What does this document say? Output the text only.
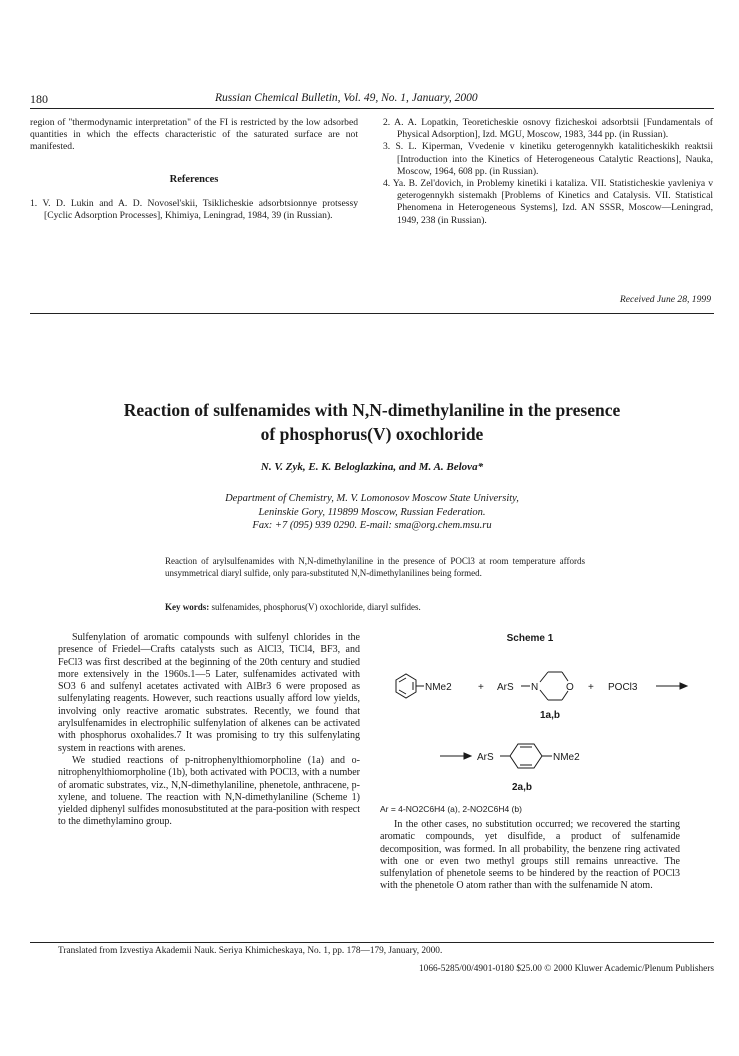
180	Russian Chemical Bulletin, Vol. 49, No. 1, January, 2000

region of "thermodynamic interpretation" of the FI is restricted by the low adsorbed quantities in which the effects characteristic of the saturated surface are not manifested.

References

1. V. D. Lukin and A. D. Novosel'skii, Tsiklicheskie adsorbtsionnye protsessy [Cyclic Adsorption Processes], Khimiya, Leningrad, 1984, 39 (in Russian).

2. A. A. Lopatkin, Teoreticheskie osnovy fizicheskoi adsorbtsii [Fundamentals of Physical Adsorption], Izd. MGU, Moscow, 1983, 344 pp. (in Russian).

3. S. L. Kiperman, Vvedenie v kinetiku geterogennykh kataliticheskikh reaktsii [Introduction into the Kinetics of Heterogeneous Catalytic Reactions], Nauka, Moscow, 1964, 608 pp. (in Russian).

4. Ya. B. Zel'dovich, in Problemy kinetiki i kataliza. VII. Statisticheskie yavleniya v geterogennykh sistemakh [Problems of Kinetics and Catalysis. VII. Statistical Phenomena in Heterogeneous Systems], Izd. AN SSSR, Moscow—Leningrad, 1949, 238 (in Russian).

Received June 28, 1999
Reaction of sulfenamides with N,N-dimethylaniline in the presence
of phosphorus(V) oxochloride
N. V. Zyk, E. K. Beloglazkina, and M. A. Belova*
Department of Chemistry, M. V. Lomonosov Moscow State University,
Leninskie Gory, 119899 Moscow, Russian Federation.
Fax: +7 (095) 939 0290. E-mail: sma@org.chem.msu.ru
Reaction of arylsulfenamides with N,N-dimethylaniline in the presence of POCl3 at room temperature affords unsymmetrical diaryl sulfide, only para-substituted N,N-dimethylanilines being formed.
Key words: sulfenamides, phosphorus(V) oxochloride, diaryl sulfides.

Sulfenylation of aromatic compounds with sulfenyl chlorides in the presence of Friedel—Crafts catalysts such as AlCl3, TiCl4, BF3, and FeCl3 was first described at the beginning of the 20th century and studied more extensively in the 1960s.1—5 Later, sulfenamides activated with SO3 6 and sulfenyl acetates activated with AlBr3 6 were proposed as sulfenylating reagents. However, such reactions usually afford low yields, involving only reactive aromatic substrates. Recently, we found that arylsulfenamides in electrophilic sulfenylation of alkenes can be activated with phosphorus oxohalides.7 It was promising to try this sulfenylating system in reactions with arenes.

We studied reactions of p-nitrophenylthiomorpholine (1a) and o-nitrophenylthiomorpholine (1b), both activated with POCl3, with a number of aromatic substrates, viz., N,N-dimethylaniline, phenetole, anthracene, p-xylene, and toluene. The reaction with N,N-dimethylaniline (Scheme 1) yielded diphenyl sulfides monosubstituted at the para-position with respect to the dimethylamino group.

Scheme 1
NMe2	+ ArS N	O + POCl3
1a,b
ArS	NMe2
2a,b
Ar = 4-NO2C6H4 (a), 2-NO2C6H4 (b)

In the other cases, no substitution occurred; we recovered the starting aromatic compounds, yet disulfide, a product of sulfenamide decomposition, was formed. In all probability, the benzene ring activated with one or even two methyl groups still remains unreactive. The sulfenylation of phenetole seems to be hindered by the reaction of POCl3 with the phenetole O atom rather than with the sulfenamide N atom.

Translated from Izvestiya Akademii Nauk. Seriya Khimicheskaya, No. 1, pp. 178—179, January, 2000.
1066-5285/00/4901-0180 $25.00 © 2000 Kluwer Academic/Plenum Publishers
